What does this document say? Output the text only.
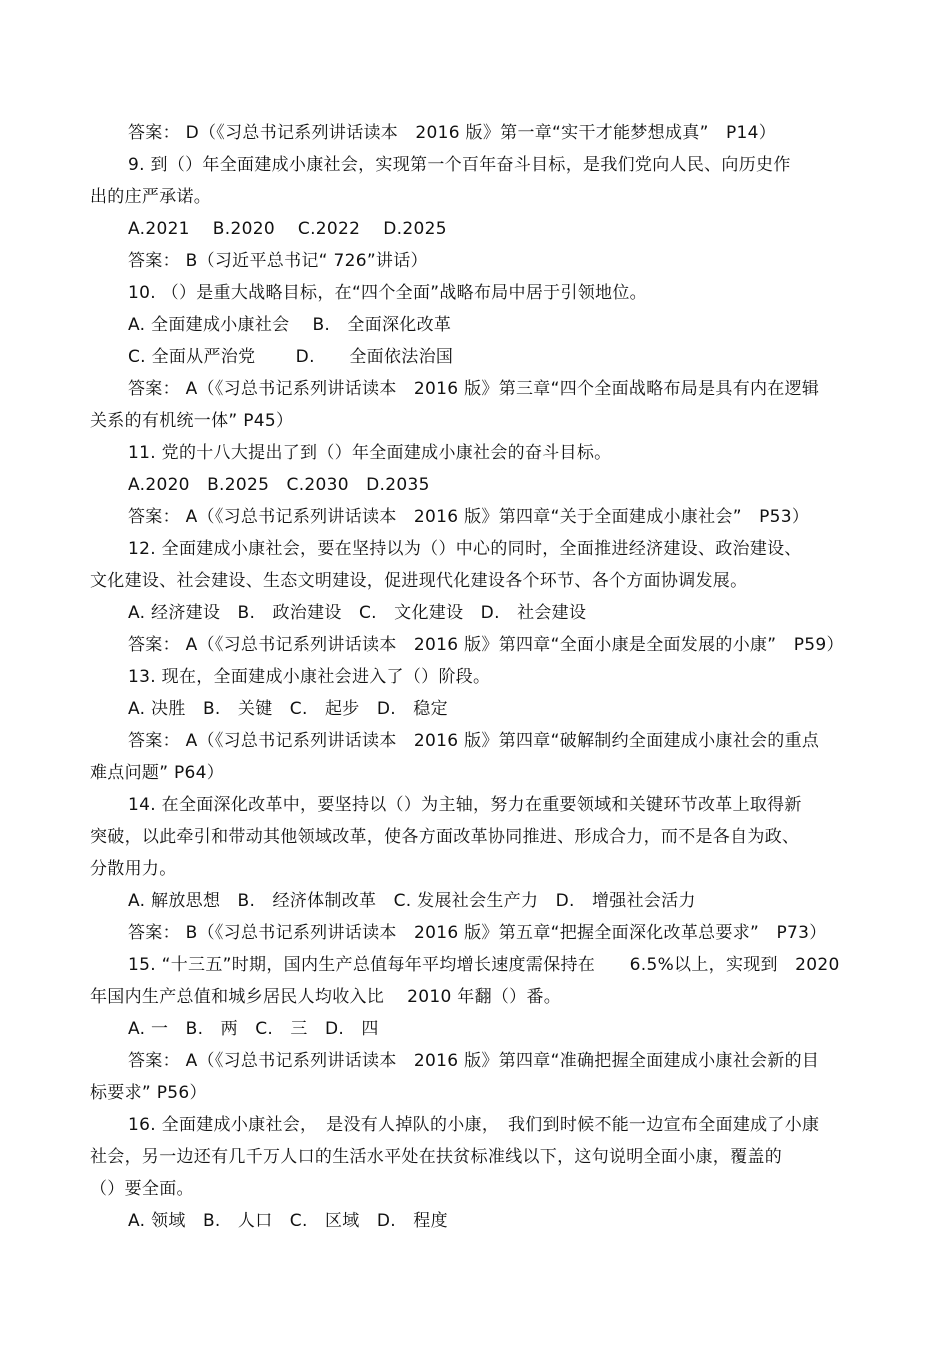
答案： D（《习总书记系列讲话读本　2016 版》第一章“实干才能梦想成真”　P14）
9. 到（）年全面建成小康社会，实现第一个百年奋斗目标，是我们党向人民、向历史作
出的庄严承诺。
A.2021　 B.2020　 C.2022　 D.2025
答案： B（习近平总书记“ 726”讲话）
10. （）是重大战略目标，在“四个全面”战略布局中居于引领地位。
A. 全面建成小康社会　 B.　全面深化改革
C. 全面从严治党　　 D.　　全面依法治国
答案： A（《习总书记系列讲话读本　2016 版》第三章“四个全面战略布局是具有内在逻辑
关系的有机统一体” P45）
11. 党的十八大提出了到（）年全面建成小康社会的奋斗目标。
A.2020　B.2025　C.2030　D.2035
答案： A（《习总书记系列讲话读本　2016 版》第四章“关于全面建成小康社会”　P53）
12. 全面建成小康社会，要在坚持以为（）中心的同时，全面推进经济建设、政治建设、
文化建设、社会建设、生态文明建设，促进现代化建设各个环节、各个方面协调发展。
A. 经济建设　B.　政治建设　C.　文化建设　D.　社会建设
答案： A（《习总书记系列讲话读本　2016 版》第四章“全面小康是全面发展的小康”　P59）
13. 现在，全面建成小康社会进入了（）阶段。
A. 决胜　B.　关键　C.　起步　D.　稳定
答案： A（《习总书记系列讲话读本　2016 版》第四章“破解制约全面建成小康社会的重点
难点问题” P64）
14. 在全面深化改革中，要坚持以（）为主轴，努力在重要领域和关键环节改革上取得新
突破，以此牵引和带动其他领域改革，使各方面改革协同推进、形成合力，而不是各自为政、
分散用力。
A. 解放思想　B.　经济体制改革　C. 发展社会生产力　D.　增强社会活力
答案： B（《习总书记系列讲话读本　2016 版》第五章“把握全面深化改革总要求”　P73）
15. “十三五”时期，国内生产总值每年平均增长速度需保持在　　6.5%以上，实现到　2020
年国内生产总值和城乡居民人均收入比　 2010 年翻（）番。
A. 一　B.　两　C.　三　D.　四
答案： A（《习总书记系列讲话读本　2016 版》第四章“准确把握全面建成小康社会新的目
标要求” P56）
16. 全面建成小康社会，　是没有人掉队的小康，　我们到时候不能一边宣布全面建成了小康
社会，另一边还有几千万人口的生活水平处在扶贫标准线以下，这句说明全面小康，覆盖的
（）要全面。
A. 领域　B.　人口　C.　区域　D.　程度
